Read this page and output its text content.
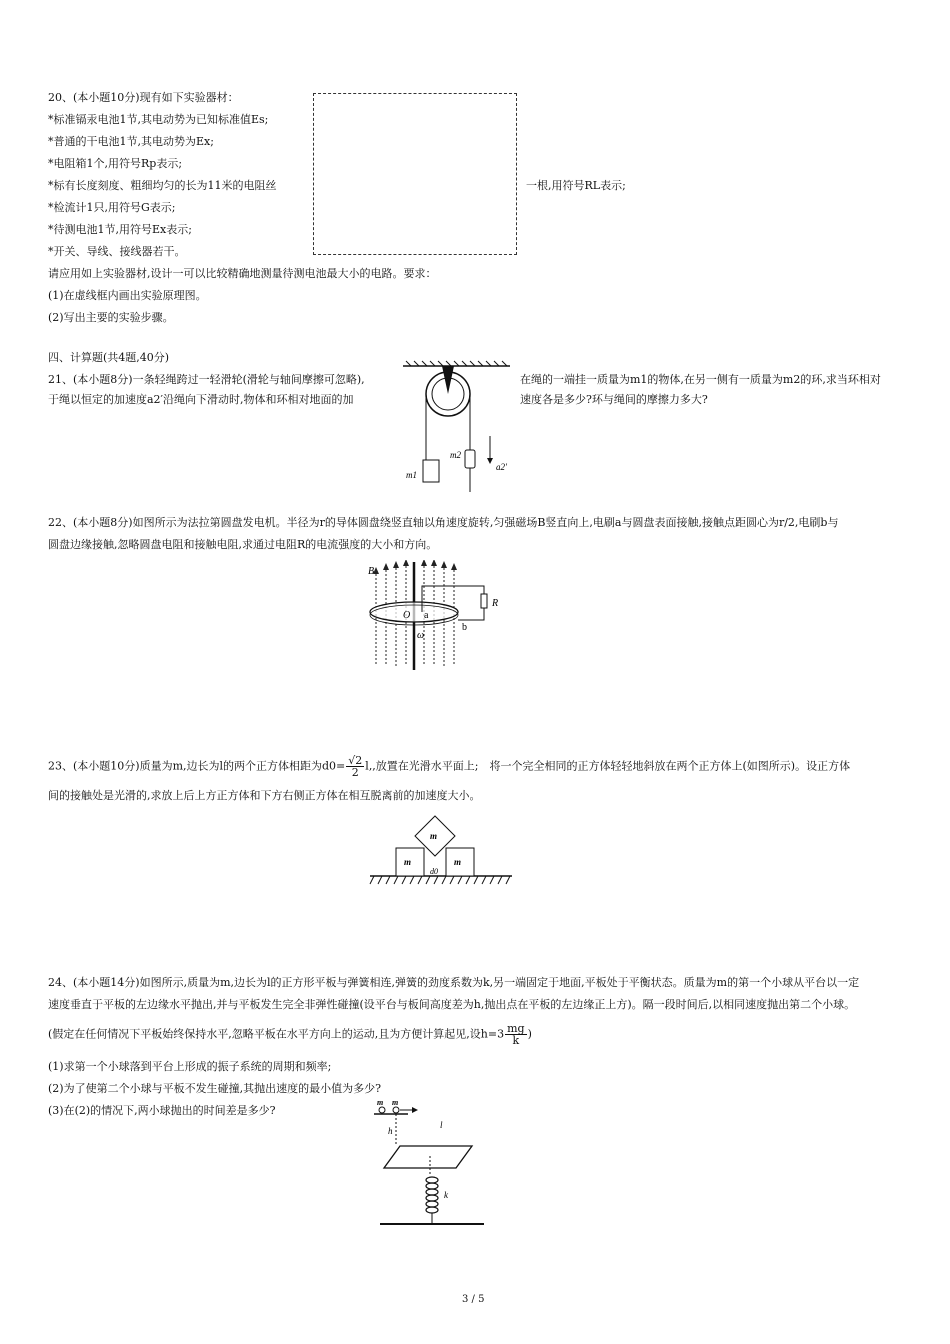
20、(本小题10分)现有如下实验器材：
*标准镉汞电池1节,其电动势为已知标准值Es;
*普通的干电池1节,其电动势为Ex;
*电阻箱1个,用符号Rp表示;
*标有长度刻度、粗细均匀的长为11米的电阻丝	一根,用符号RL表示;
*检流计1只,用符号G表示;
*待测电池1节,用符号Ex表示;
*开关、导线、接线器若干。
请应用如上实验器材,设计一可以比较精确地测量待测电池最大小的电路。要求：
(1)在虚线框内画出实验原理图。
(2)写出主要的实验步骤。
四、计算题(共4题,40分)
21、(本小题8分)一条轻绳跨过一轻滑轮(滑轮与轴间摩擦可忽略),
于绳以恒定的加速度a2′沿绳向下滑动时,物体和环相对地面的加
在绳的一端挂一质量为m1的物体,在另一侧有一质量为m2的环,求当环相对
速度各是多少?环与绳间的摩擦力多大?
m1
m2
a2′
22、(本小题8分)如图所示为法拉第圆盘发电机。半径为r的导体圆盘绕竖直轴以角速度旋转,匀强磁场B竖直向上,电刷a与圆盘表面接触,接触点距圆心为r/2,电刷b与
圆盘边缘接触,忽略圆盘电阻和接触电阻,求通过电阻R的电流强度的大小和方向。
B
O a
b
R
ω
23、(本小题10分)质量为m,边长为l的两个正方体相距为$d0= \frac{√2}{2} l$,,放置在光滑水平面上;　将一个完全相同的正方体轻轻地斜放在两个正方体上(如图所示)。设正方体
间的接触处是光滑的,求放上后上方正方体和下方右侧正方体在相互脱离前的加速度大小。
m	m
m
d0
24、(本小题14分)如图所示,质量为m,边长为l的正方形平板与弹簧相连,弹簧的劲度系数为k,另一端固定于地面,平板处于平衡状态。质量为m的第一个小球从平台以一定
速度垂直于平板的左边缘水平抛出,并与平板发生完全非弹性碰撞(设平台与板间高度差为h,抛出点在平板的左边缘正上方)。隔一段时间后,以相同速度抛出第二个小球。
(假定在任何情况下平板始终保持水平,忽略平板在水平方向上的运动,且为方便计算起见,设$h=3 \frac{mg}{k}$ )
(1)求第一个小球落到平台上形成的振子系统的周期和频率;
(2)为了使第二个小球与平板不发生碰撞,其抛出速度的最小值为多少?
(3)在(2)的情况下,两小球抛出的时间差是多少?
m m
h
l
k
3 / 5
